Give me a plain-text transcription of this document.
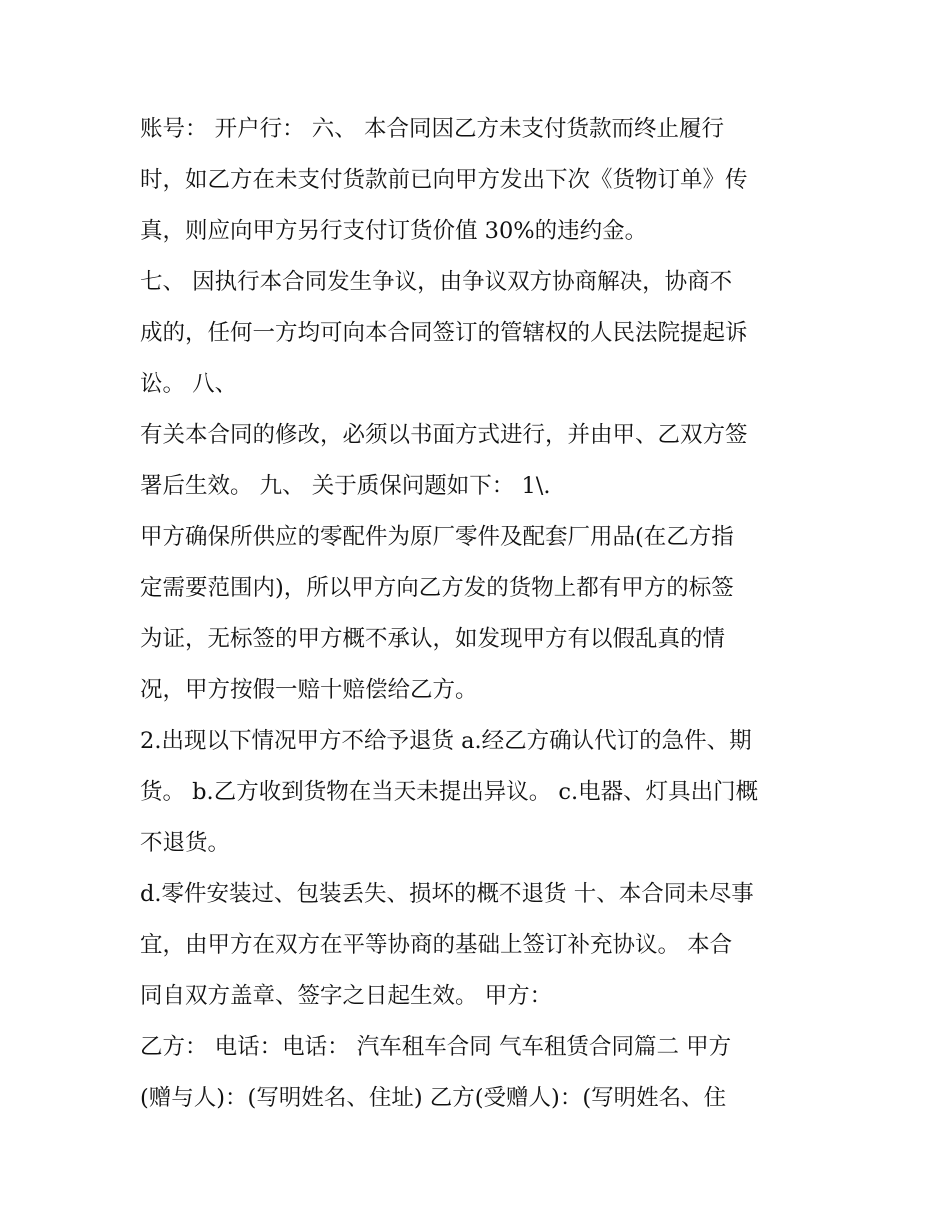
账号： 开户行： 六、 本合同因乙方未支付货款而终止履行
时，如乙方在未支付货款前已向甲方发出下次《货物订单》传
真，则应向甲方另行支付订货价值 30%的违约金。
七、 因执行本合同发生争议，由争议双方协商解决，协商不
成的，任何一方均可向本合同签订的管辖权的人民法院提起诉
讼。 八、
有关本合同的修改，必须以书面方式进行，并由甲、乙双方签
署后生效。 九、 关于质保问题如下： 1\.
甲方确保所供应的零配件为原厂零件及配套厂用品(在乙方指
定需要范围内)，所以甲方向乙方发的货物上都有甲方的标签
为证，无标签的甲方概不承认，如发现甲方有以假乱真的情
况，甲方按假一赔十赔偿给乙方。
2.出现以下情况甲方不给予退货 a.经乙方确认代订的急件、期
货。 b.乙方收到货物在当天未提出异议。 c.电器、灯具出门概
不退货。
d.零件安装过、包装丢失、损坏的概不退货 十、本合同未尽事
宜，由甲方在双方在平等协商的基础上签订补充协议。 本合
同自双方盖章、签字之日起生效。 甲方：
乙方： 电话：电话： 汽车租车合同 气车租赁合同篇二 甲方
(赠与人)：(写明姓名、住址) 乙方(受赠人)：(写明姓名、住
